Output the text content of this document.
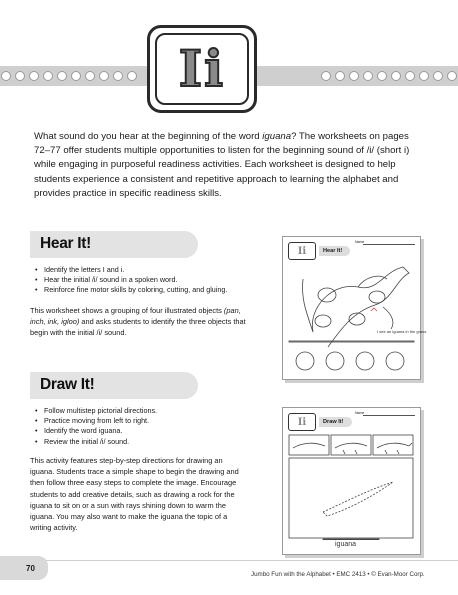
Ii
What sound do you hear at the beginning of the word iguana? The worksheets on pages 72–77 offer students multiple opportunities to listen for the beginning sound of /i/ (short i) while engaging in purposeful readiness activities. Each worksheet is designed to help students experience a consistent and repetitive approach to learning the alphabet and provides practice in specific readiness skills.
Hear It!
• Identify the letters I and i.
• Hear the initial /i/ sound in a spoken word.
• Reinforce fine motor skills by coloring, cutting, and gluing.
This worksheet shows a grouping of four illustrated objects (pan, inch, ink, igloo) and asks students to identify the three objects that begin with the initial /i/ sound.
Ii	Hear It!
Name
I see an iguana in the grass.
Draw It!
• Follow multistep pictorial directions.
• Practice moving from left to right.
• Identify the word iguana.
• Review the initial /i/ sound.
This activity features step-by-step directions for drawing an iguana. Students trace a simple shape to begin the drawing and then follow three easy steps to complete the image. Encourage students to add creative details, such as drawing a rock for the iguana to sit on or a sun with rays shining down to warm the iguana. You may also want to make the iguana the topic of a writing activity.
Ii	Draw It!
Name
iguana
70
Jumbo Fun with the Alphabet • EMC 2413 • © Evan-Moor Corp.
